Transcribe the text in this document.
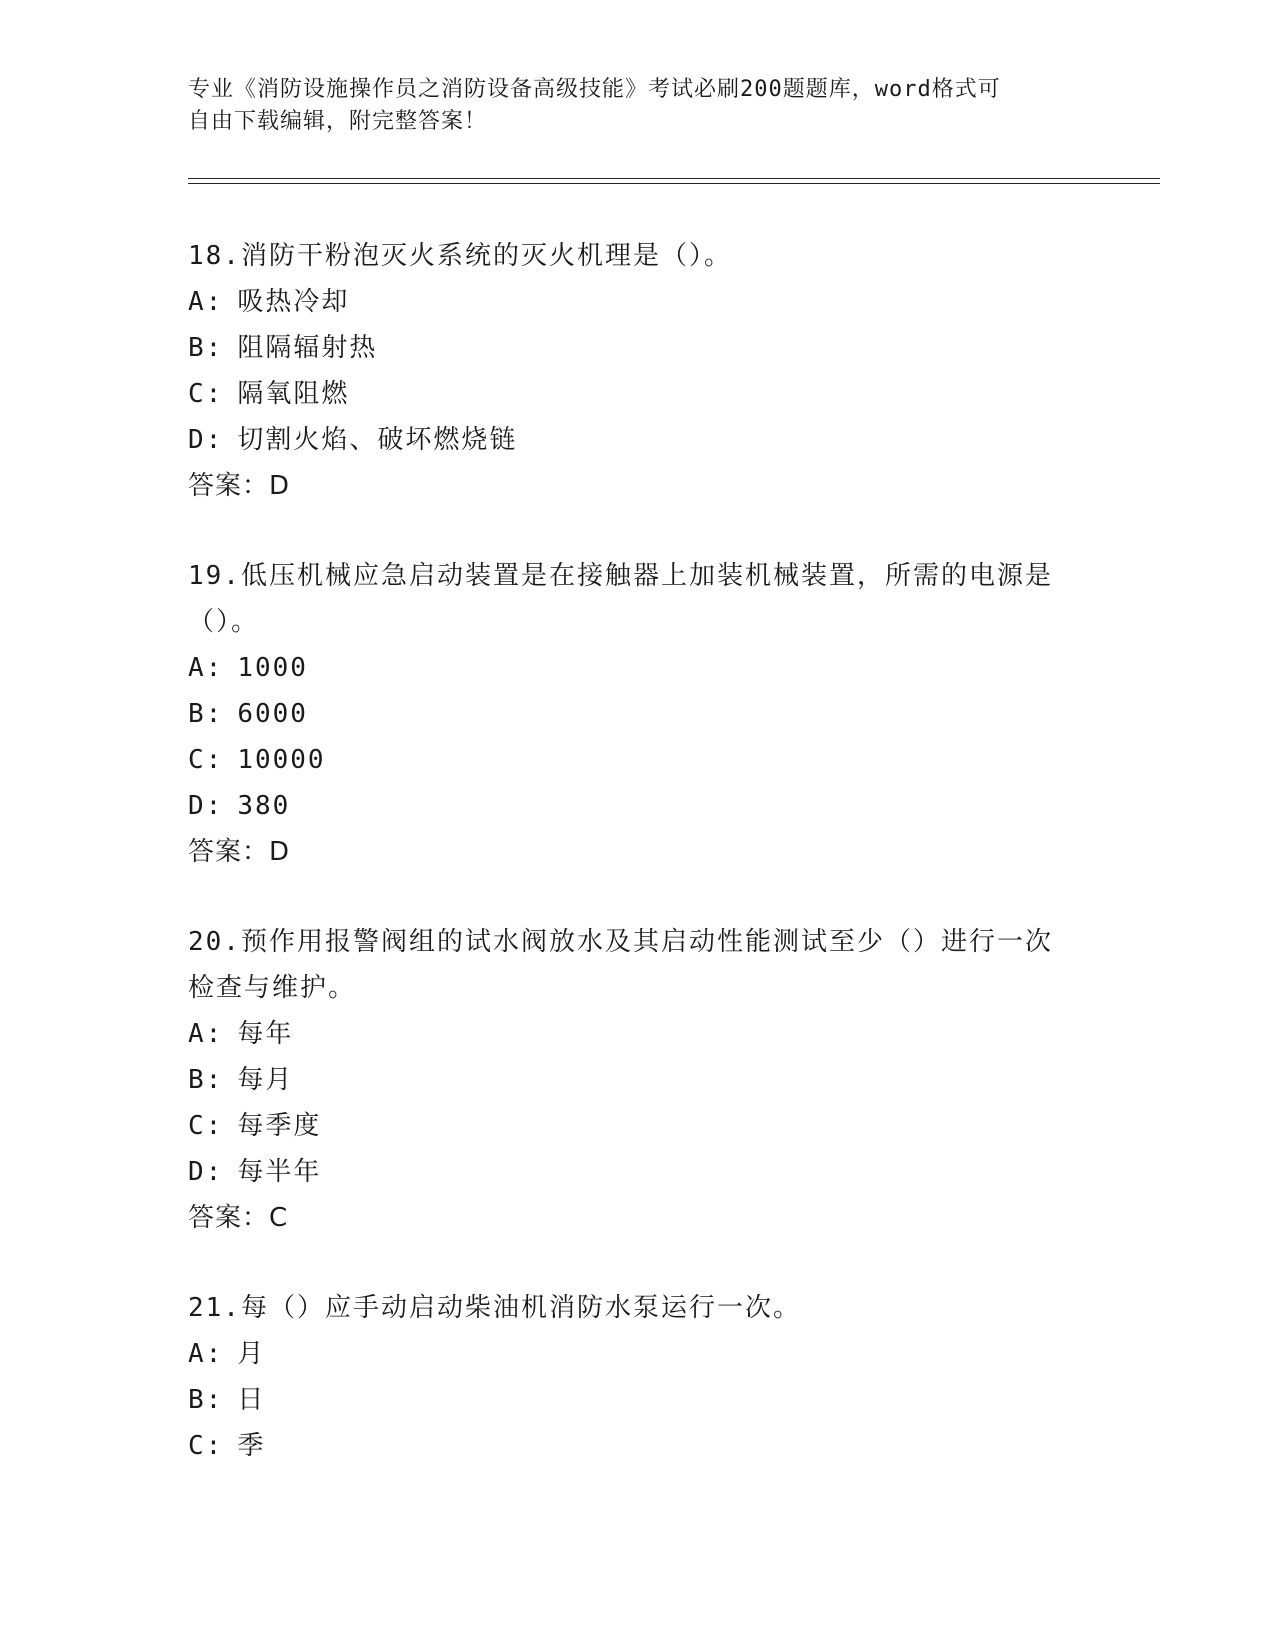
专业《消防设施操作员之消防设备高级技能》考试必刷200题题库，word格式可
自由下载编辑，附完整答案！
18.消防干粉泡灭火系统的灭火机理是（）。
A: 吸热冷却
B: 阻隔辐射热
C: 隔氧阻燃
D: 切割火焰、破坏燃烧链
答案：D
19.低压机械应急启动装置是在接触器上加装机械装置，所需的电源是
（）。
A: 1000
B: 6000
C: 10000
D: 380
答案：D
20.预作用报警阀组的试水阀放水及其启动性能测试至少（）进行一次
检查与维护。
A: 每年
B: 每月
C: 每季度
D: 每半年
答案：C
21.每（）应手动启动柴油机消防水泵运行一次。
A: 月
B: 日
C: 季
